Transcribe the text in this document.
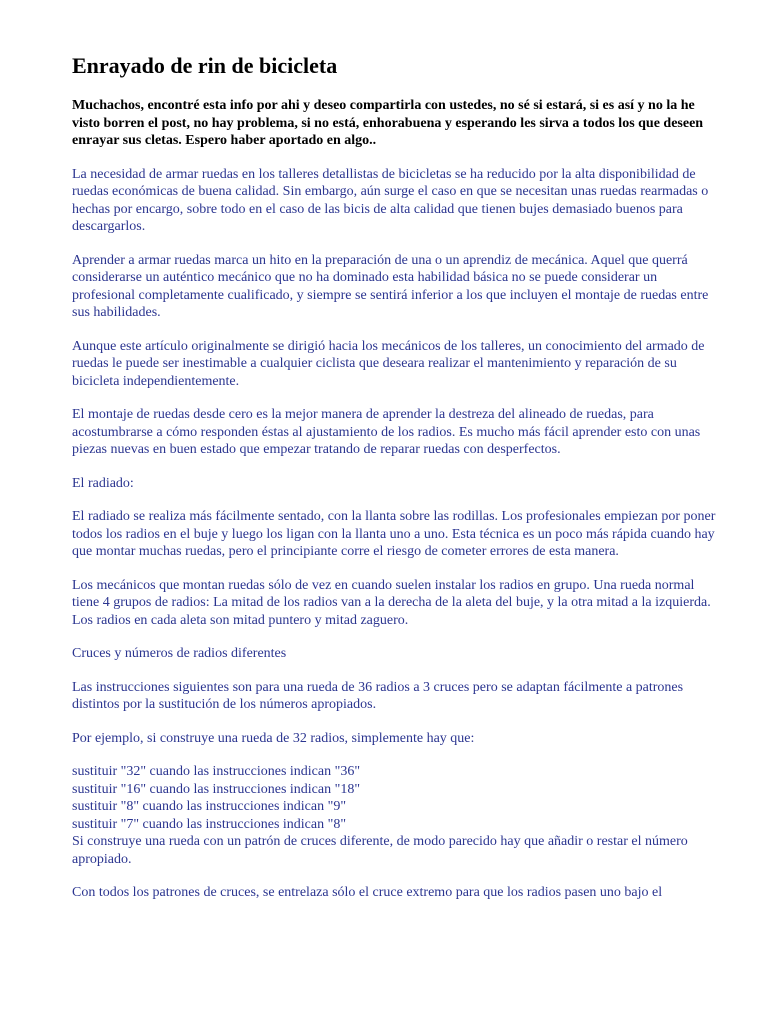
Enrayado de rin de bicicleta
Muchachos, encontré esta info por ahi y deseo compartirla con ustedes, no sé si estará, si es así y no la he visto borren el post, no hay problema, si no está, enhorabuena y esperando les sirva a todos los que deseen enrayar sus cletas. Espero haber aportado en algo..

La necesidad de armar ruedas en los talleres detallistas de bicicletas se ha reducido por la alta disponibilidad de ruedas económicas de buena calidad. Sin embargo, aún surge el caso en que se necesitan unas ruedas rearmadas o hechas por encargo, sobre todo en el caso de las bicis de alta calidad que tienen bujes demasiado buenos para descargarlos.

Aprender a armar ruedas marca un hito en la preparación de una o un aprendiz de mecánica. Aquel que querrá considerarse un auténtico mecánico que no ha dominado esta habilidad básica no se puede considerar un profesional completamente cualificado, y siempre se sentirá inferior a los que incluyen el montaje de ruedas entre sus habilidades.

Aunque este artículo originalmente se dirigió hacia los mecánicos de los talleres, un conocimiento del armado de ruedas le puede ser inestimable a cualquier ciclista que deseara realizar el mantenimiento y reparación de su bicicleta independientemente.

El montaje de ruedas desde cero es la mejor manera de aprender la destreza del alineado de ruedas, para acostumbrarse a cómo responden éstas al ajustamiento de los radios. Es mucho más fácil aprender esto con unas piezas nuevas en buen estado que empezar tratando de reparar ruedas con desperfectos.

El radiado:

El radiado se realiza más fácilmente sentado, con la llanta sobre las rodillas. Los profesionales empiezan por poner todos los radios en el buje y luego los ligan con la llanta uno a uno. Esta técnica es un poco más rápida cuando hay que montar muchas ruedas, pero el principiante corre el riesgo de cometer errores de esta manera.

Los mecánicos que montan ruedas sólo de vez en cuando suelen instalar los radios en grupo. Una rueda normal tiene 4 grupos de radios: La mitad de los radios van a la derecha de la aleta del buje, y la otra mitad a la izquierda. Los radios en cada aleta son mitad puntero y mitad zaguero.

Cruces y números de radios diferentes

Las instrucciones siguientes son para una rueda de 36 radios a 3 cruces pero se adaptan fácilmente a patrones distintos por la sustitución de los números apropiados.

Por ejemplo, si construye una rueda de 32 radios, simplemente hay que:

sustituir "32" cuando las instrucciones indican "36"

sustituir "16" cuando las instrucciones indican "18"

sustituir "8" cuando las instrucciones indican "9"

sustituir "7" cuando las instrucciones indican "8"

Si construye una rueda con un patrón de cruces diferente, de modo parecido hay que añadir o restar el número apropiado.

Con todos los patrones de cruces, se entrelaza sólo el cruce extremo para que los radios pasen uno bajo el
